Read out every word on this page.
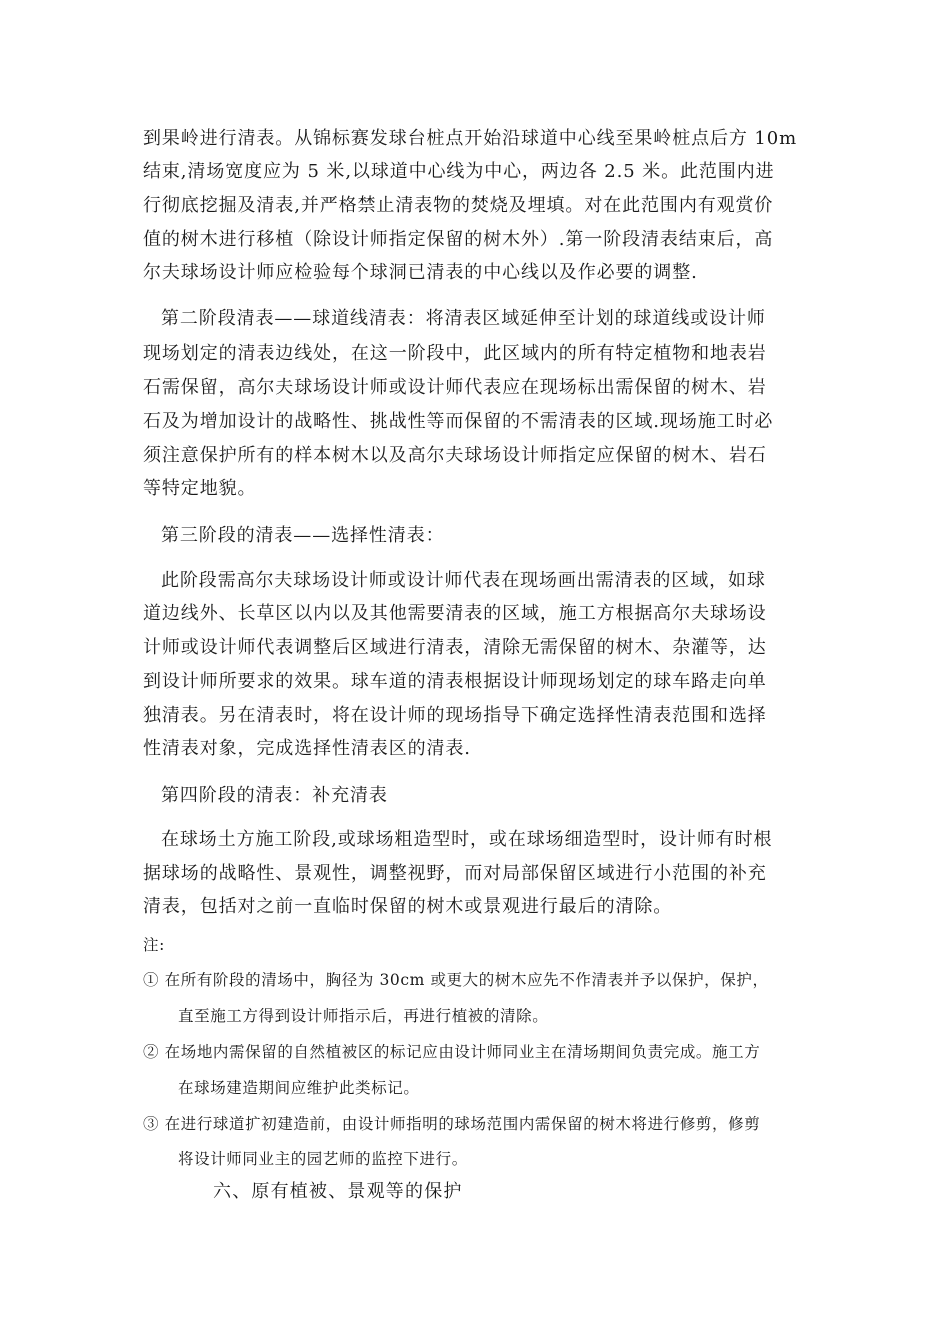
到果岭进行清表。从锦标赛发球台桩点开始沿球道中心线至果岭桩点后方 10m
结束,清场宽度应为 5 米,以球道中心线为中心，两边各 2.5 米。此范围内进
行彻底挖掘及清表,并严格禁止清表物的焚烧及埋填。对在此范围内有观赏价
值的树木进行移植（除设计师指定保留的树木外）.第一阶段清表结束后，高
尔夫球场设计师应检验每个球洞已清表的中心线以及作必要的调整.
第二阶段清表——球道线清表：将清表区域延伸至计划的球道线或设计师
现场划定的清表边线处，在这一阶段中，此区域内的所有特定植物和地表岩
石需保留，高尔夫球场设计师或设计师代表应在现场标出需保留的树木、岩
石及为增加设计的战略性、挑战性等而保留的不需清表的区域.现场施工时必
须注意保护所有的样本树木以及高尔夫球场设计师指定应保留的树木、岩石
等特定地貌。
第三阶段的清表——选择性清表：
此阶段需高尔夫球场设计师或设计师代表在现场画出需清表的区域，如球
道边线外、长草区以内以及其他需要清表的区域，施工方根据高尔夫球场设
计师或设计师代表调整后区域进行清表，清除无需保留的树木、杂灌等，达
到设计师所要求的效果。球车道的清表根据设计师现场划定的球车路走向单
独清表。另在清表时，将在设计师的现场指导下确定选择性清表范围和选择
性清表对象，完成选择性清表区的清表.
第四阶段的清表：补充清表
在球场土方施工阶段,或球场粗造型时，或在球场细造型时，设计师有时根
据球场的战略性、景观性，调整视野，而对局部保留区域进行小范围的补充
清表，包括对之前一直临时保留的树木或景观进行最后的清除。
注:
① 在所有阶段的清场中，胸径为 30cm 或更大的树木应先不作清表并予以保护，保护，
直至施工方得到设计师指示后，再进行植被的清除。
② 在场地内需保留的自然植被区的标记应由设计师同业主在清场期间负责完成。施工方
在球场建造期间应维护此类标记。
③ 在进行球道扩初建造前，由设计师指明的球场范围内需保留的树木将进行修剪，修剪
将设计师同业主的园艺师的监控下进行。
六、原有植被、景观等的保护
